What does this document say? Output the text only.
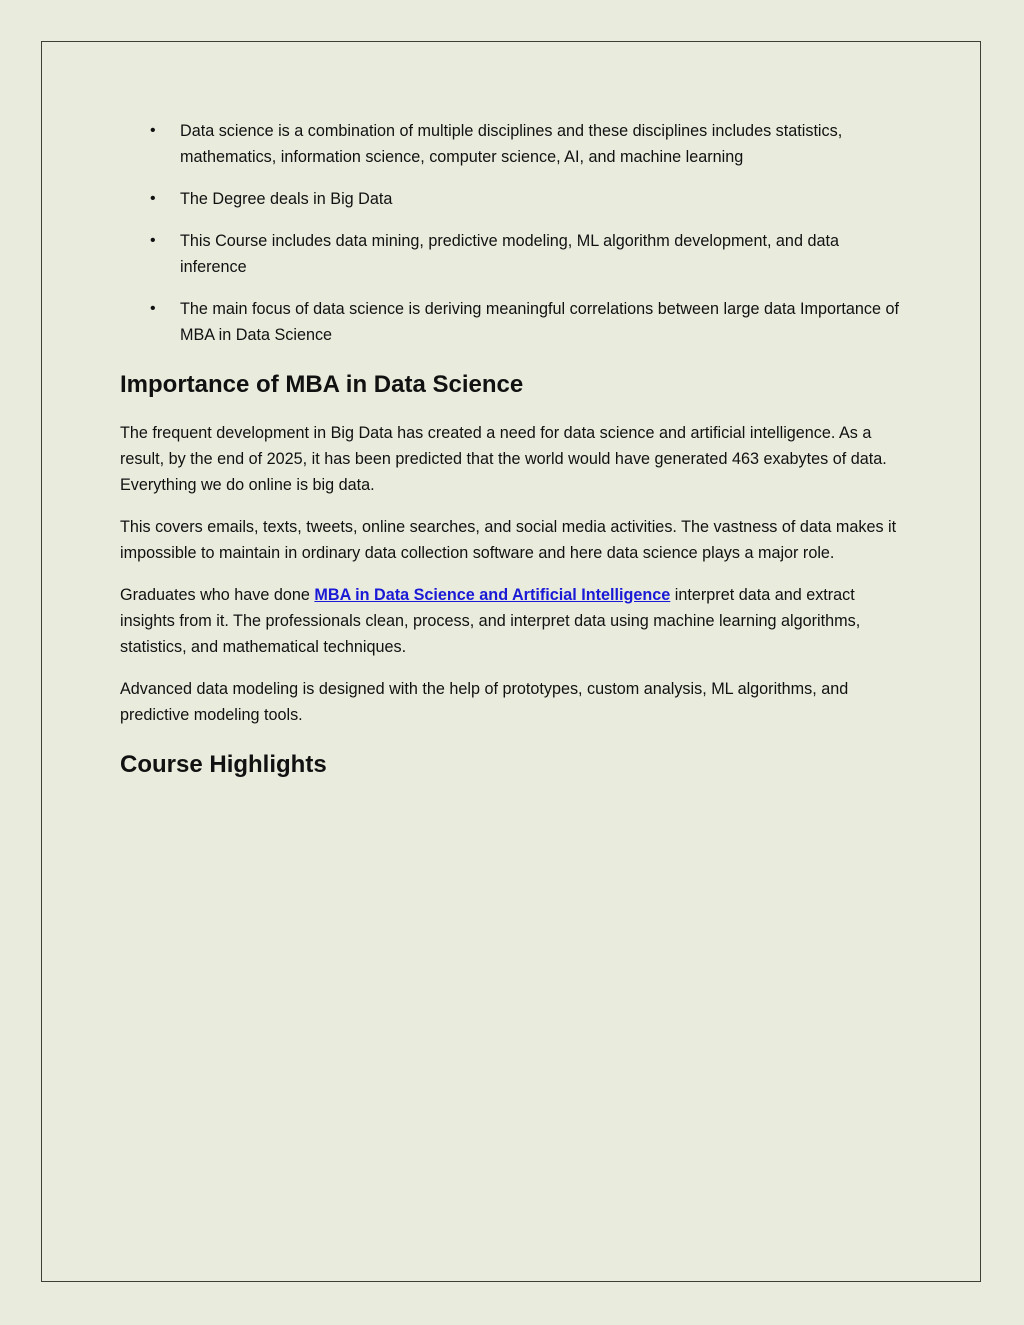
• Data science is a combination of multiple disciplines and these disciplines includes statistics, mathematics, information science, computer science, AI, and machine learning
• The Degree deals in Big Data
• This Course includes data mining, predictive modeling, ML algorithm development, and data inference
• The main focus of data science is deriving meaningful correlations between large data Importance of MBA in Data Science
Importance of MBA in Data Science

The frequent development in Big Data has created a need for data science and artificial intelligence. As a result, by the end of 2025, it has been predicted that the world would have generated 463 exabytes of data. Everything we do online is big data.

This covers emails, texts, tweets, online searches, and social media activities. The vastness of data makes it impossible to maintain in ordinary data collection software and here data science plays a major role.

Graduates who have done MBA in Data Science and Artificial Intelligence interpret data and extract insights from it. The professionals clean, process, and interpret data using machine learning algorithms, statistics, and mathematical techniques.

Advanced data modeling is designed with the help of prototypes, custom analysis, ML algorithms, and predictive modeling tools.

Course Highlights
